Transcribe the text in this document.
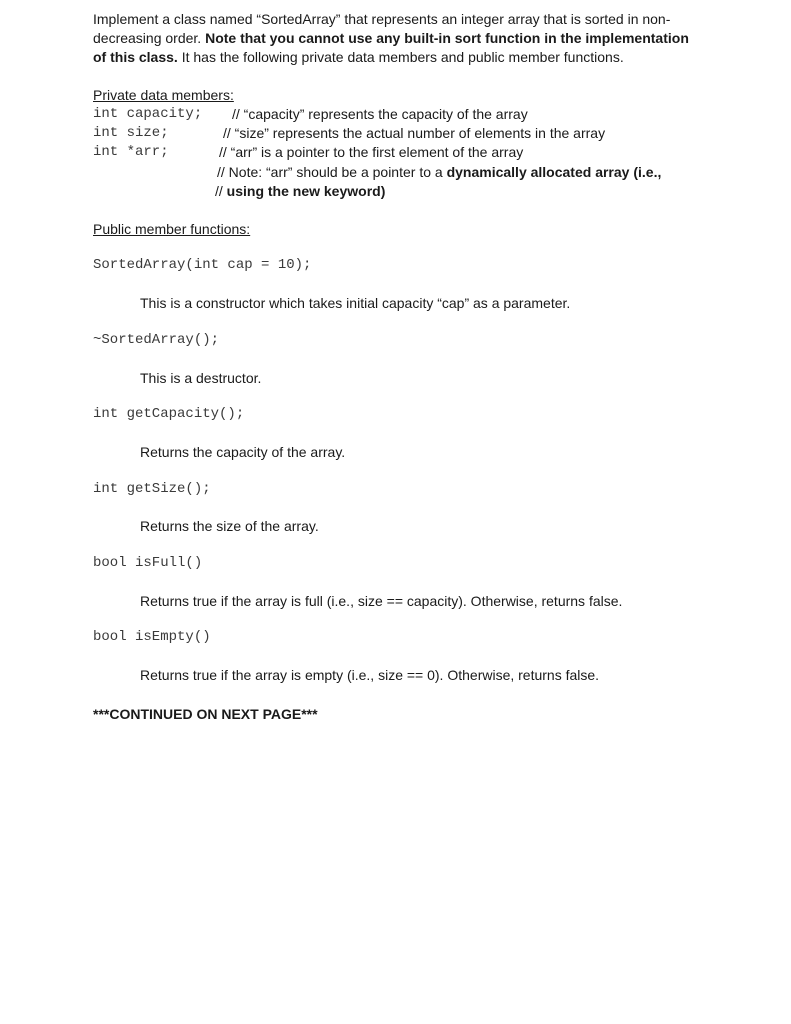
Implement a class named “SortedArray” that represents an integer array that is sorted in non-
decreasing order. Note that you cannot use any built-in sort function in the implementation
of this class. It has the following private data members and public member functions.
Private data members:
int capacity; // “capacity” represents the capacity of the array
int size;	// “size” represents the actual number of elements in the array
int *arr;	// “arr” is a pointer to the first element of the array
// Note: “arr” should be a pointer to a dynamically allocated array (i.e.,
// using the new keyword)
Public member functions:
SortedArray(int cap = 10);
This is a constructor which takes initial capacity “cap” as a parameter.
~SortedArray();
This is a destructor.
int getCapacity();
Returns the capacity of the array.
int getSize();
Returns the size of the array.
bool isFull()
Returns true if the array is full (i.e., size == capacity). Otherwise, returns false.
bool isEmpty()
Returns true if the array is empty (i.e., size == 0). Otherwise, returns false.
***CONTINUED ON NEXT PAGE***
